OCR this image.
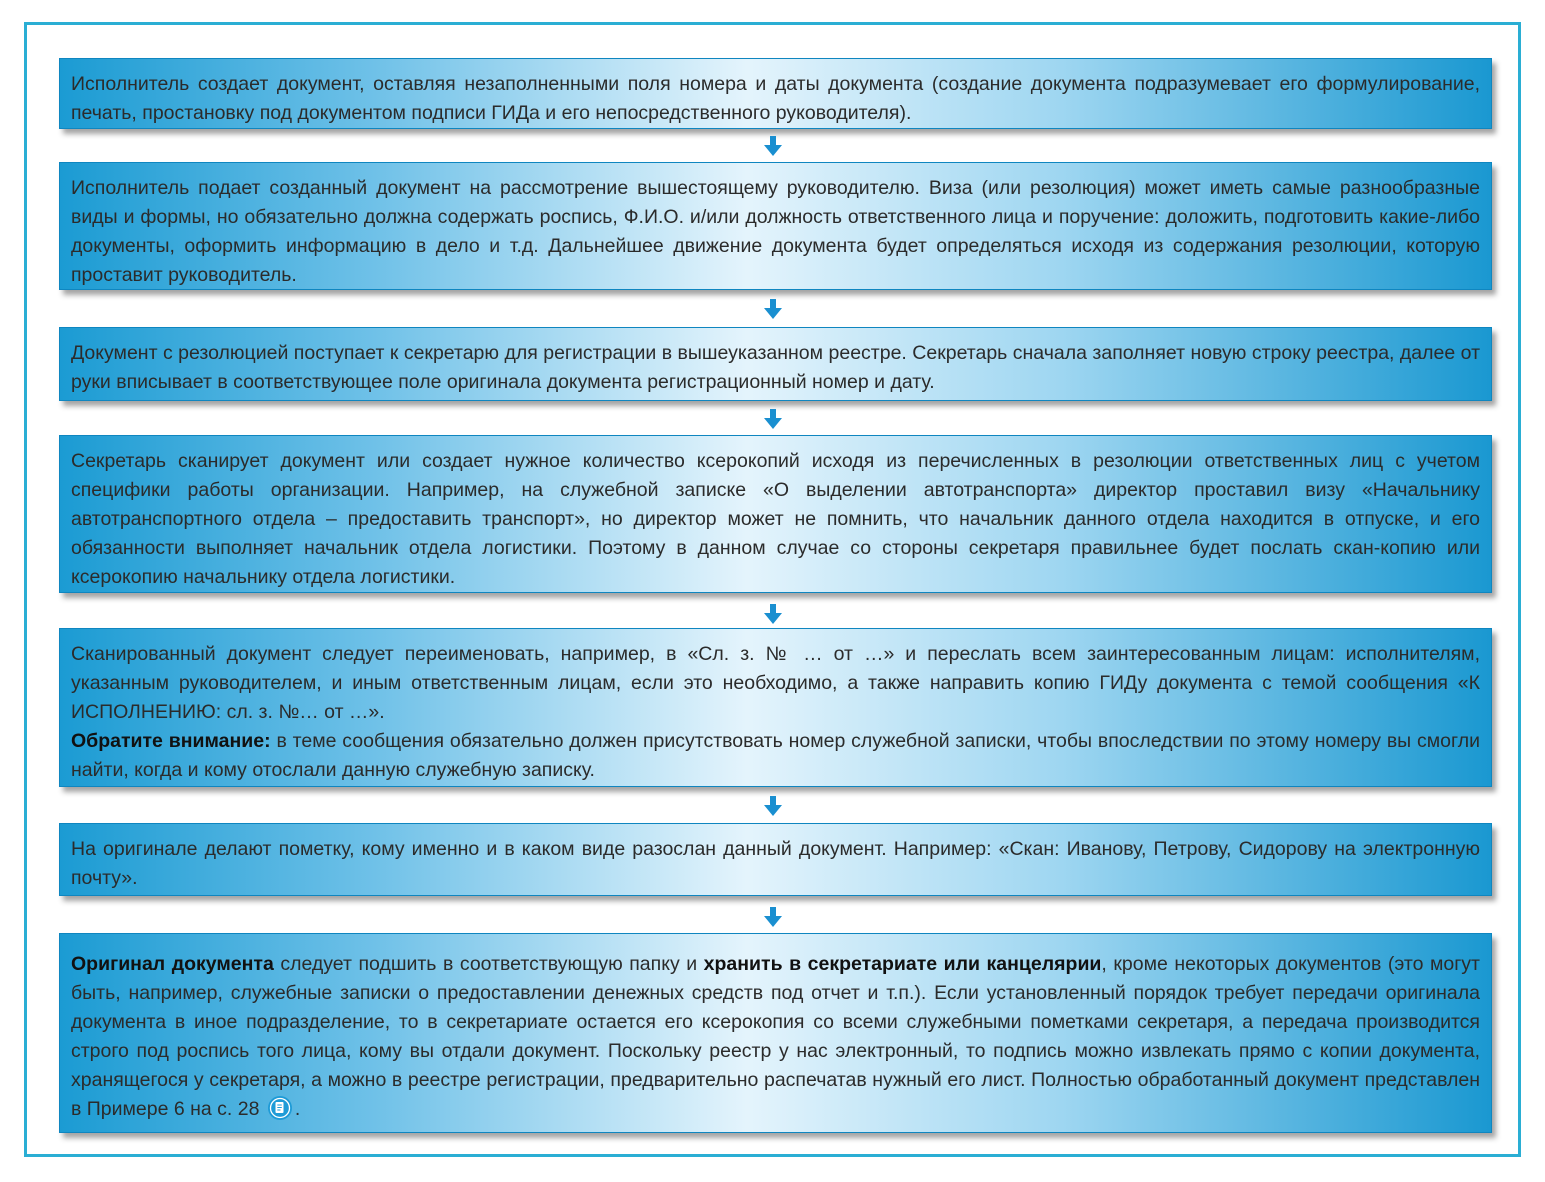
Исполнитель создает документ, оставляя незаполненными поля номера и даты документа (создание документа подразумевает его формулирование, печать, простановку под документом подписи ГИДа и его непосредственного руководителя).

Исполнитель подает созданный документ на рассмотрение вышестоящему руководителю. Виза (или резолюция) может иметь самые разнообразные виды и формы, но обязательно должна содержать роспись, Ф.И.О. и/или должность ответственного лица и поручение: доложить, подготовить какие-либо документы, оформить информацию в дело и т.д. Дальнейшее движение документа будет определяться исходя из содержания резолюции, которую проставит руководитель.

Документ с резолюцией поступает к секретарю для регистрации в вышеуказанном реестре. Секретарь сначала заполняет новую строку реестра, далее от руки вписывает в соответствующее поле оригинала документа регистрационный номер и дату.

Секретарь сканирует документ или создает нужное количество ксерокопий исходя из перечисленных в резолюции ответственных лиц с учетом специфики работы организации. Например, на служебной записке «О выделении автотранспорта» директор проставил визу «Начальнику автотранспортного отдела – предоставить транспорт», но директор может не помнить, что начальник данного отдела находится в отпуске, и его обязанности выполняет начальник отдела логистики. Поэтому в данном случае со стороны секретаря правильнее будет послать скан-копию или ксерокопию начальнику отдела логистики.

Сканированный документ следует переименовать, например, в «Сл. з. № … от …» и переслать всем заинтересованным лицам: исполнителям, указанным руководителем, и иным ответственным лицам, если это необходимо, а также направить копию ГИДу документа с темой сообщения «К ИСПОЛНЕНИЮ: сл. з. №… от …».

Обратите внимание: в теме сообщения обязательно должен присутствовать номер служебной записки, чтобы впоследствии по этому номеру вы смогли найти, когда и кому отослали данную служебную записку.

На оригинале делают пометку, кому именно и в каком виде разослан данный документ. Например: «Скан: Иванову, Петрову, Сидорову на электронную почту».

Оригинал документа следует подшить в соответствующую папку и хранить в секретариате или канцелярии, кроме некоторых документов (это могут быть, например, служебные записки о предоставлении денежных средств под отчет и т.п.). Если установленный порядок требует передачи оригинала документа в иное подразделение, то в секретариате остается его ксерокопия со всеми служебными пометками секретаря, а передача производится строго под роспись того лица, кому вы отдали документ. Поскольку реестр у нас электронный, то подпись можно извлекать прямо с копии документа, хранящегося у секретаря, а можно в реестре регистрации, предварительно распечатав нужный его лист. Полностью обработанный документ представлен в Примере 6 на с. 28 .
